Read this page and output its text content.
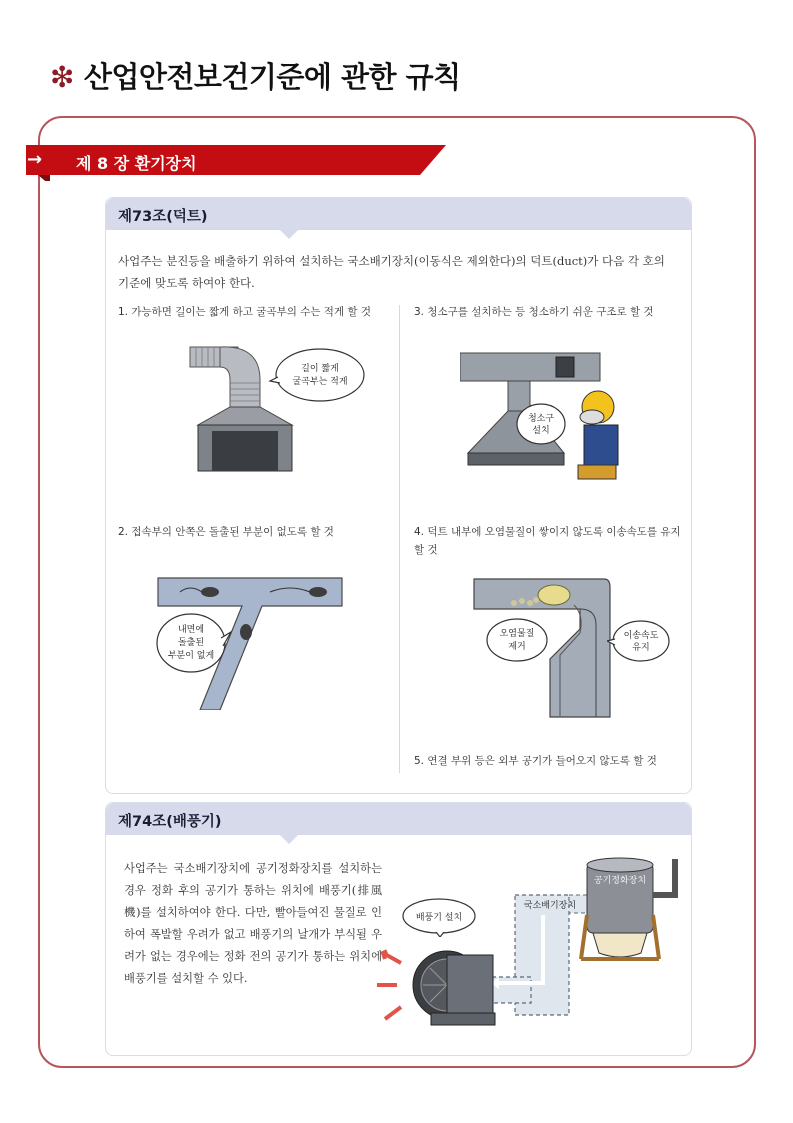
❇ 산업안전보건기준에 관한 규칙
→ 제 8 장 환기장치
제73조(덕트)
사업주는 분진등을 배출하기 위하여 설치하는 국소배기장치(이동식은 제외한다)의 덕트(duct)가 다음 각 호의 기준에 맞도록 하여야 한다.
1. 가능하면 길이는 짧게 하고 굴곡부의 수는 적게 할 것
2. 접속부의 안쪽은 돌출된 부분이 없도록 할 것
3. 청소구를 설치하는 등 청소하기 쉬운 구조로 할 것
4. 덕트 내부에 오염물질이 쌓이지 않도록 이송속도를 유지할 것
5. 연결 부위 등은 외부 공기가 들어오지 않도록 할 것
길이 짧게
굴곡부는 적게
내면에
돌출된
부분이 없게
청소구
설치
오염물질
제거
이송속도
유지
제74조(배풍기)
사업주는 국소배기장치에 공기정화장치를 설치하는 경우 정화 후의 공기가 통하는 위치에 배풍기(排風機)를 설치하여야 한다. 다만, 빨아들여진 물질로 인하여 폭발할 우려가 없고 배풍기의 날개가 부식될 우려가 없는 경우에는 정화 전의 공기가 통하는 위치에 배풍기를 설치할 수 있다.
배풍기 설치
국소배기장치
공기정화장치
